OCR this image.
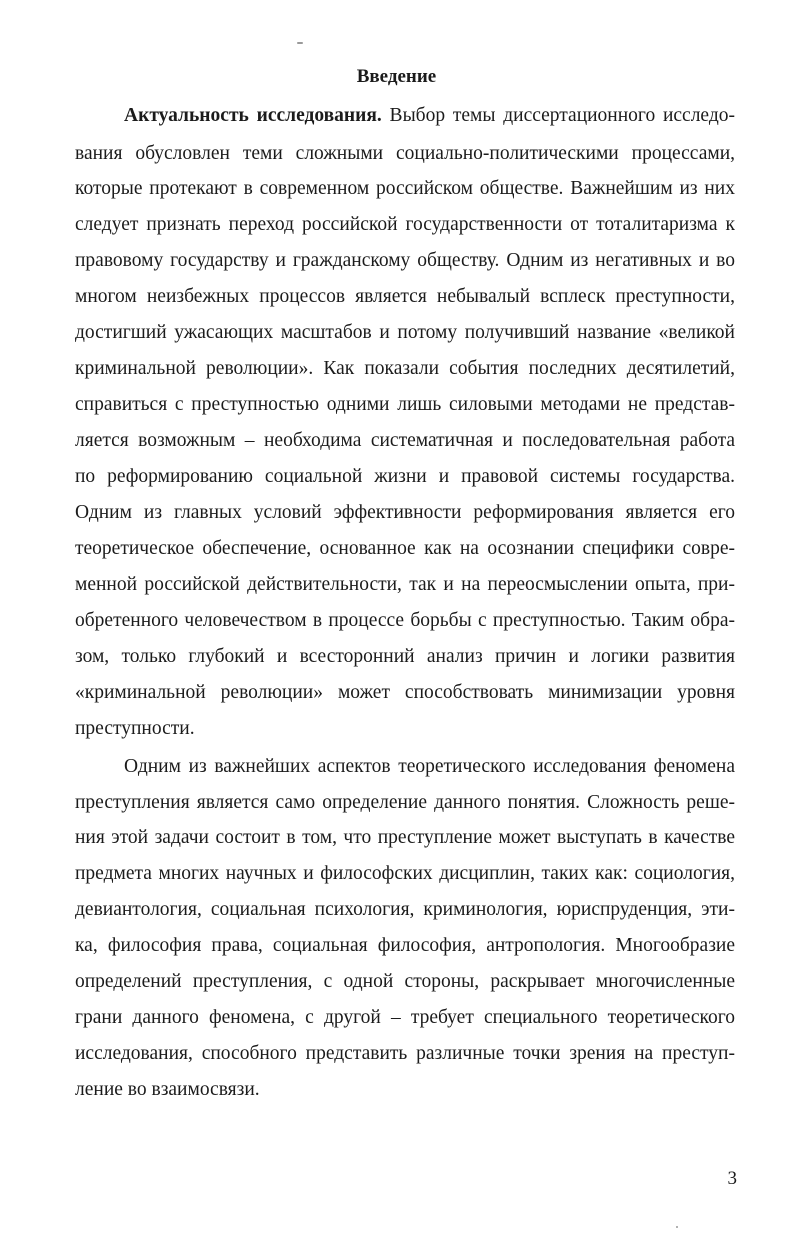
Введение
Актуальность исследования. Выбор темы диссертационного исследо-
вания обусловлен теми сложными социально-политическими процессами,
которые протекают в современном российском обществе. Важнейшим из них
следует признать переход российской государственности от тоталитаризма к
правовому государству и гражданскому обществу. Одним из негативных и во
многом неизбежных процессов является небывалый всплеск преступности,
достигший ужасающих масштабов и потому получивший название «великой
криминальной революции». Как показали события последних десятилетий,
справиться с преступностью одними лишь силовыми методами не представ-
ляется возможным – необходима систематичная и последовательная работа
по реформированию социальной жизни и правовой системы государства.
Одним из главных условий эффективности реформирования является его
теоретическое обеспечение, основанное как на осознании специфики совре-
менной российской действительности, так и на переосмыслении опыта, при-
обретенного человечеством в процессе борьбы с преступностью. Таким обра-
зом, только глубокий и всесторонний анализ причин и логики развития
«криминальной революции» может способствовать минимизации уровня
преступности.
Одним из важнейших аспектов теоретического исследования феномена
преступления является само определение данного понятия. Сложность реше-
ния этой задачи состоит в том, что преступление может выступать в качестве
предмета многих научных и философских дисциплин, таких как: социология,
девиантология, социальная психология, криминология, юриспруденция, эти-
ка, философия права, социальная философия, антропология. Многообразие
определений преступления, с одной стороны, раскрывает многочисленные
грани данного феномена, с другой – требует специального теоретического
исследования, способного представить различные точки зрения на преступ-
ление во взаимосвязи.
3
